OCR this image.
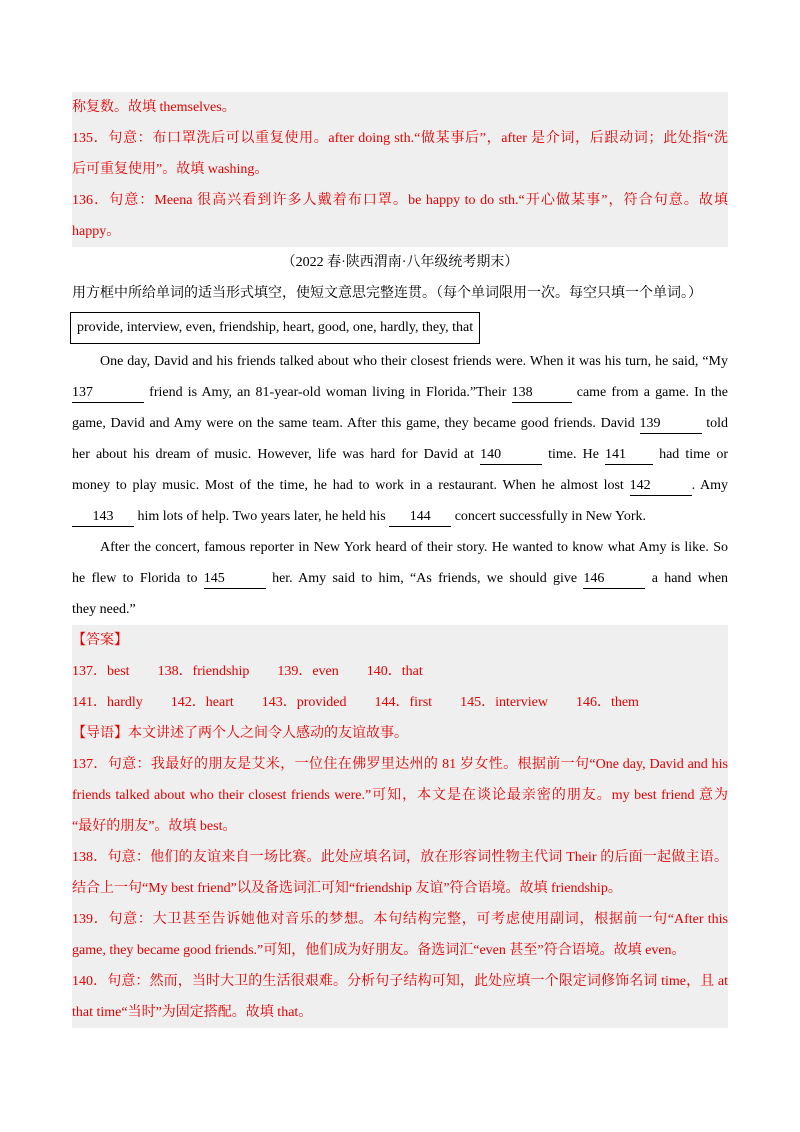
称复数。故填 themselves。
135．句意：布口罩洗后可以重复使用。after doing sth.“做某事后”，after 是介词，后跟动词；此处指“洗
后可重复使用”。故填 washing。
136．句意：Meena 很高兴看到许多人戴着布口罩。be happy to do sth.“开心做某事”，符合句意。故填
happy。
（2022 春·陕西渭南·八年级统考期末）
用方框中所给单词的适当形式填空，使短文意思完整连贯。（每个单词限用一次。每空只填一个单词。）
provide, interview, even, friendship, heart, good, one, hardly, they, that
One day, David and his friends talked about who their closest friends were. When it was his turn, he said, “My
137	friend is Amy, an 81-year-old woman living in Florida.”Their 138	came from a game. In the
game, David and Amy were on the same team. After this game, they became good friends. David 139	told
her about his dream of music. However, life was hard for David at 140	time. He 141 had time or
money to play music. Most of the time, he had to work in a restaurant. When he almost lost 142	. Amy
143 him lots of help. Two years later, he held his 144 concert successfully in New York.
After the concert, famous reporter in New York heard of their story. He wanted to know what Amy is like. So
he flew to Florida to 145	her. Amy said to him, “As friends, we should give 146	a hand when
they need.”
【答案】
137．best 138．friendship 139．even 140．that
141．hardly 142．heart 143．provided 144．first 145．interview 146．them
【导语】本文讲述了两个人之间令人感动的友谊故事。
137．句意：我最好的朋友是艾米，一位住在佛罗里达州的 81 岁女性。根据前一句“One day, David and his
friends talked about who their closest friends were.”可知，本文是在谈论最亲密的朋友。my best friend 意为
“最好的朋友”。故填 best。
138．句意：他们的友谊来自一场比赛。此处应填名词，放在形容词性物主代词 Their 的后面一起做主语。
结合上一句“My best friend”以及备选词汇可知“friendship 友谊”符合语境。故填 friendship。
139．句意：大卫甚至告诉她他对音乐的梦想。本句结构完整，可考虑使用副词，根据前一句“After this
game, they became good friends.”可知，他们成为好朋友。备选词汇“even 甚至”符合语境。故填 even。
140．句意：然而，当时大卫的生活很艰难。分析句子结构可知，此处应填一个限定词修饰名词 time，且 at
that time“当时”为固定搭配。故填 that。
